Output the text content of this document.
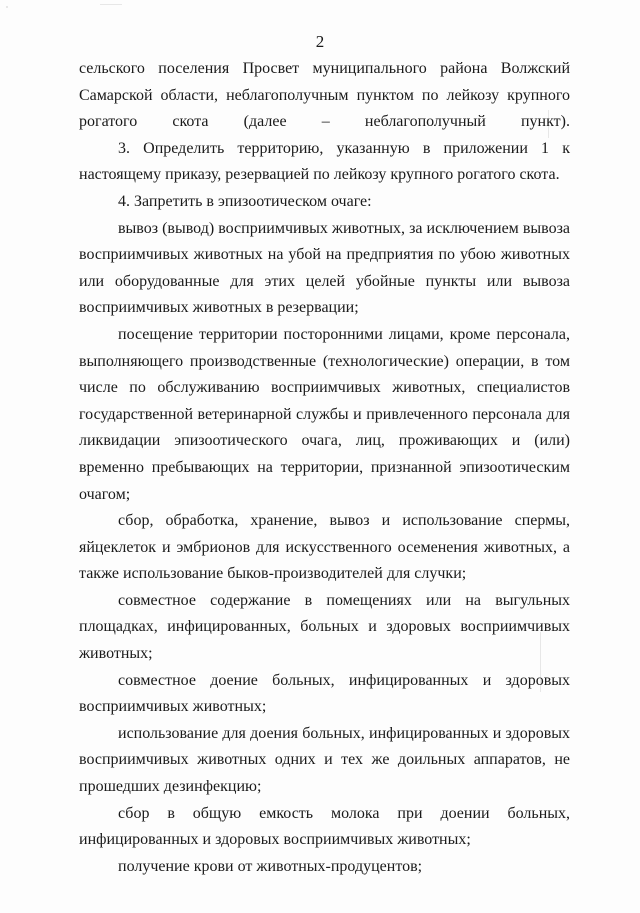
2

сельского поселения Просвет муниципального района Волжский Самарской области, неблагополучным пунктом по лейкозу крупного рогатого скота (далее – неблагополучный пункт).

3. Определить территорию, указанную в приложении 1 к настоящему приказу, резервацией по лейкозу крупного рогатого скота.

4. Запретить в эпизоотическом очаге:

вывоз (вывод) восприимчивых животных, за исключением вывоза восприимчивых животных на убой на предприятия по убою животных или оборудованные для этих целей убойные пункты или вывоза восприимчивых животных в резервации;

посещение территории посторонними лицами, кроме персонала, выполняющего производственные (технологические) операции, в том числе по обслуживанию восприимчивых животных, специалистов государственной ветеринарной службы и привлеченного персонала для ликвидации эпизоотического очага, лиц, проживающих и (или) временно пребывающих на территории, признанной эпизоотическим очагом;

сбор, обработка, хранение, вывоз и использование спермы, яйцеклеток и эмбрионов для искусственного осеменения животных, а также использование быков-производителей для случки;

совместное содержание в помещениях или на выгульных площадках, инфицированных, больных и здоровых восприимчивых животных;

совместное доение больных, инфицированных и здоровых восприимчивых животных;

использование для доения больных, инфицированных и здоровых восприимчивых животных одних и тех же доильных аппаратов, не прошедших дезинфекцию;

сбор в общую емкость молока при доении больных, инфицированных и здоровых восприимчивых животных;

получение крови от животных-продуцентов;
